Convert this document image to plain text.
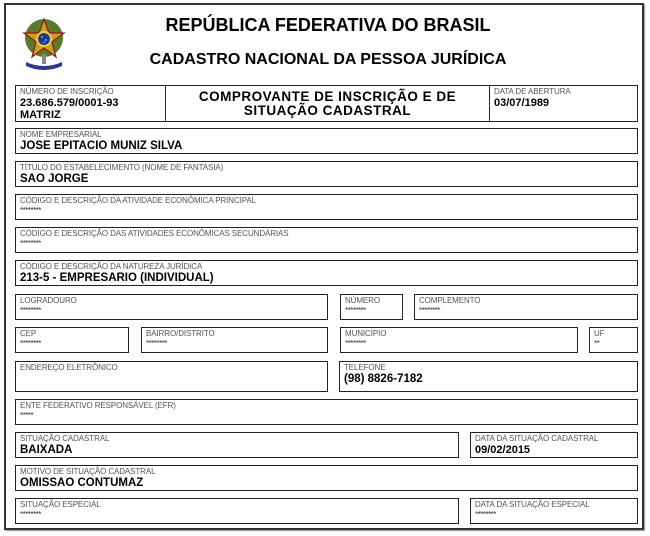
REPÚBLICA FEDERATIVA DO BRASIL
CADASTRO NACIONAL DA PESSOA JURÍDICA
NÚMERO DE INSCRIÇÃO
23.686.579/0001-93
MATRIZ
COMPROVANTE DE INSCRIÇÃO E DE
SITUAÇÃO CADASTRAL
DATA DE ABERTURA
03/07/1989
NOME EMPRESARIAL
JOSE EPITACIO MUNIZ SILVA
TÍTULO DO ESTABELECIMENTO (NOME DE FANTASIA)
SAO JORGE
CÓDIGO E DESCRIÇÃO DA ATIVIDADE ECONÔMICA PRINCIPAL
********
CÓDIGO E DESCRIÇÃO DAS ATIVIDADES ECONÔMICAS SECUNDÁRIAS
********
CÓDIGO E DESCRIÇÃO DA NATUREZA JURÍDICA
213-5 - EMPRESARIO (INDIVIDUAL)
LOGRADOURO
********
NÚMERO
********
COMPLEMENTO
********
CEP
********
BAIRRO/DISTRITO
********
MUNICÍPIO
********
UF
**
ENDEREÇO ELETRÔNICO	TELEFONE
(98) 8826-7182
ENTE FEDERATIVO RESPONSÁVEL (EFR)
*****
SITUAÇÃO CADASTRAL
BAIXADA
DATA DA SITUAÇÃO CADASTRAL
09/02/2015
MOTIVO DE SITUAÇÃO CADASTRAL
OMISSAO CONTUMAZ
SITUAÇÃO ESPECIAL
********
DATA DA SITUAÇÃO ESPECIAL
********
